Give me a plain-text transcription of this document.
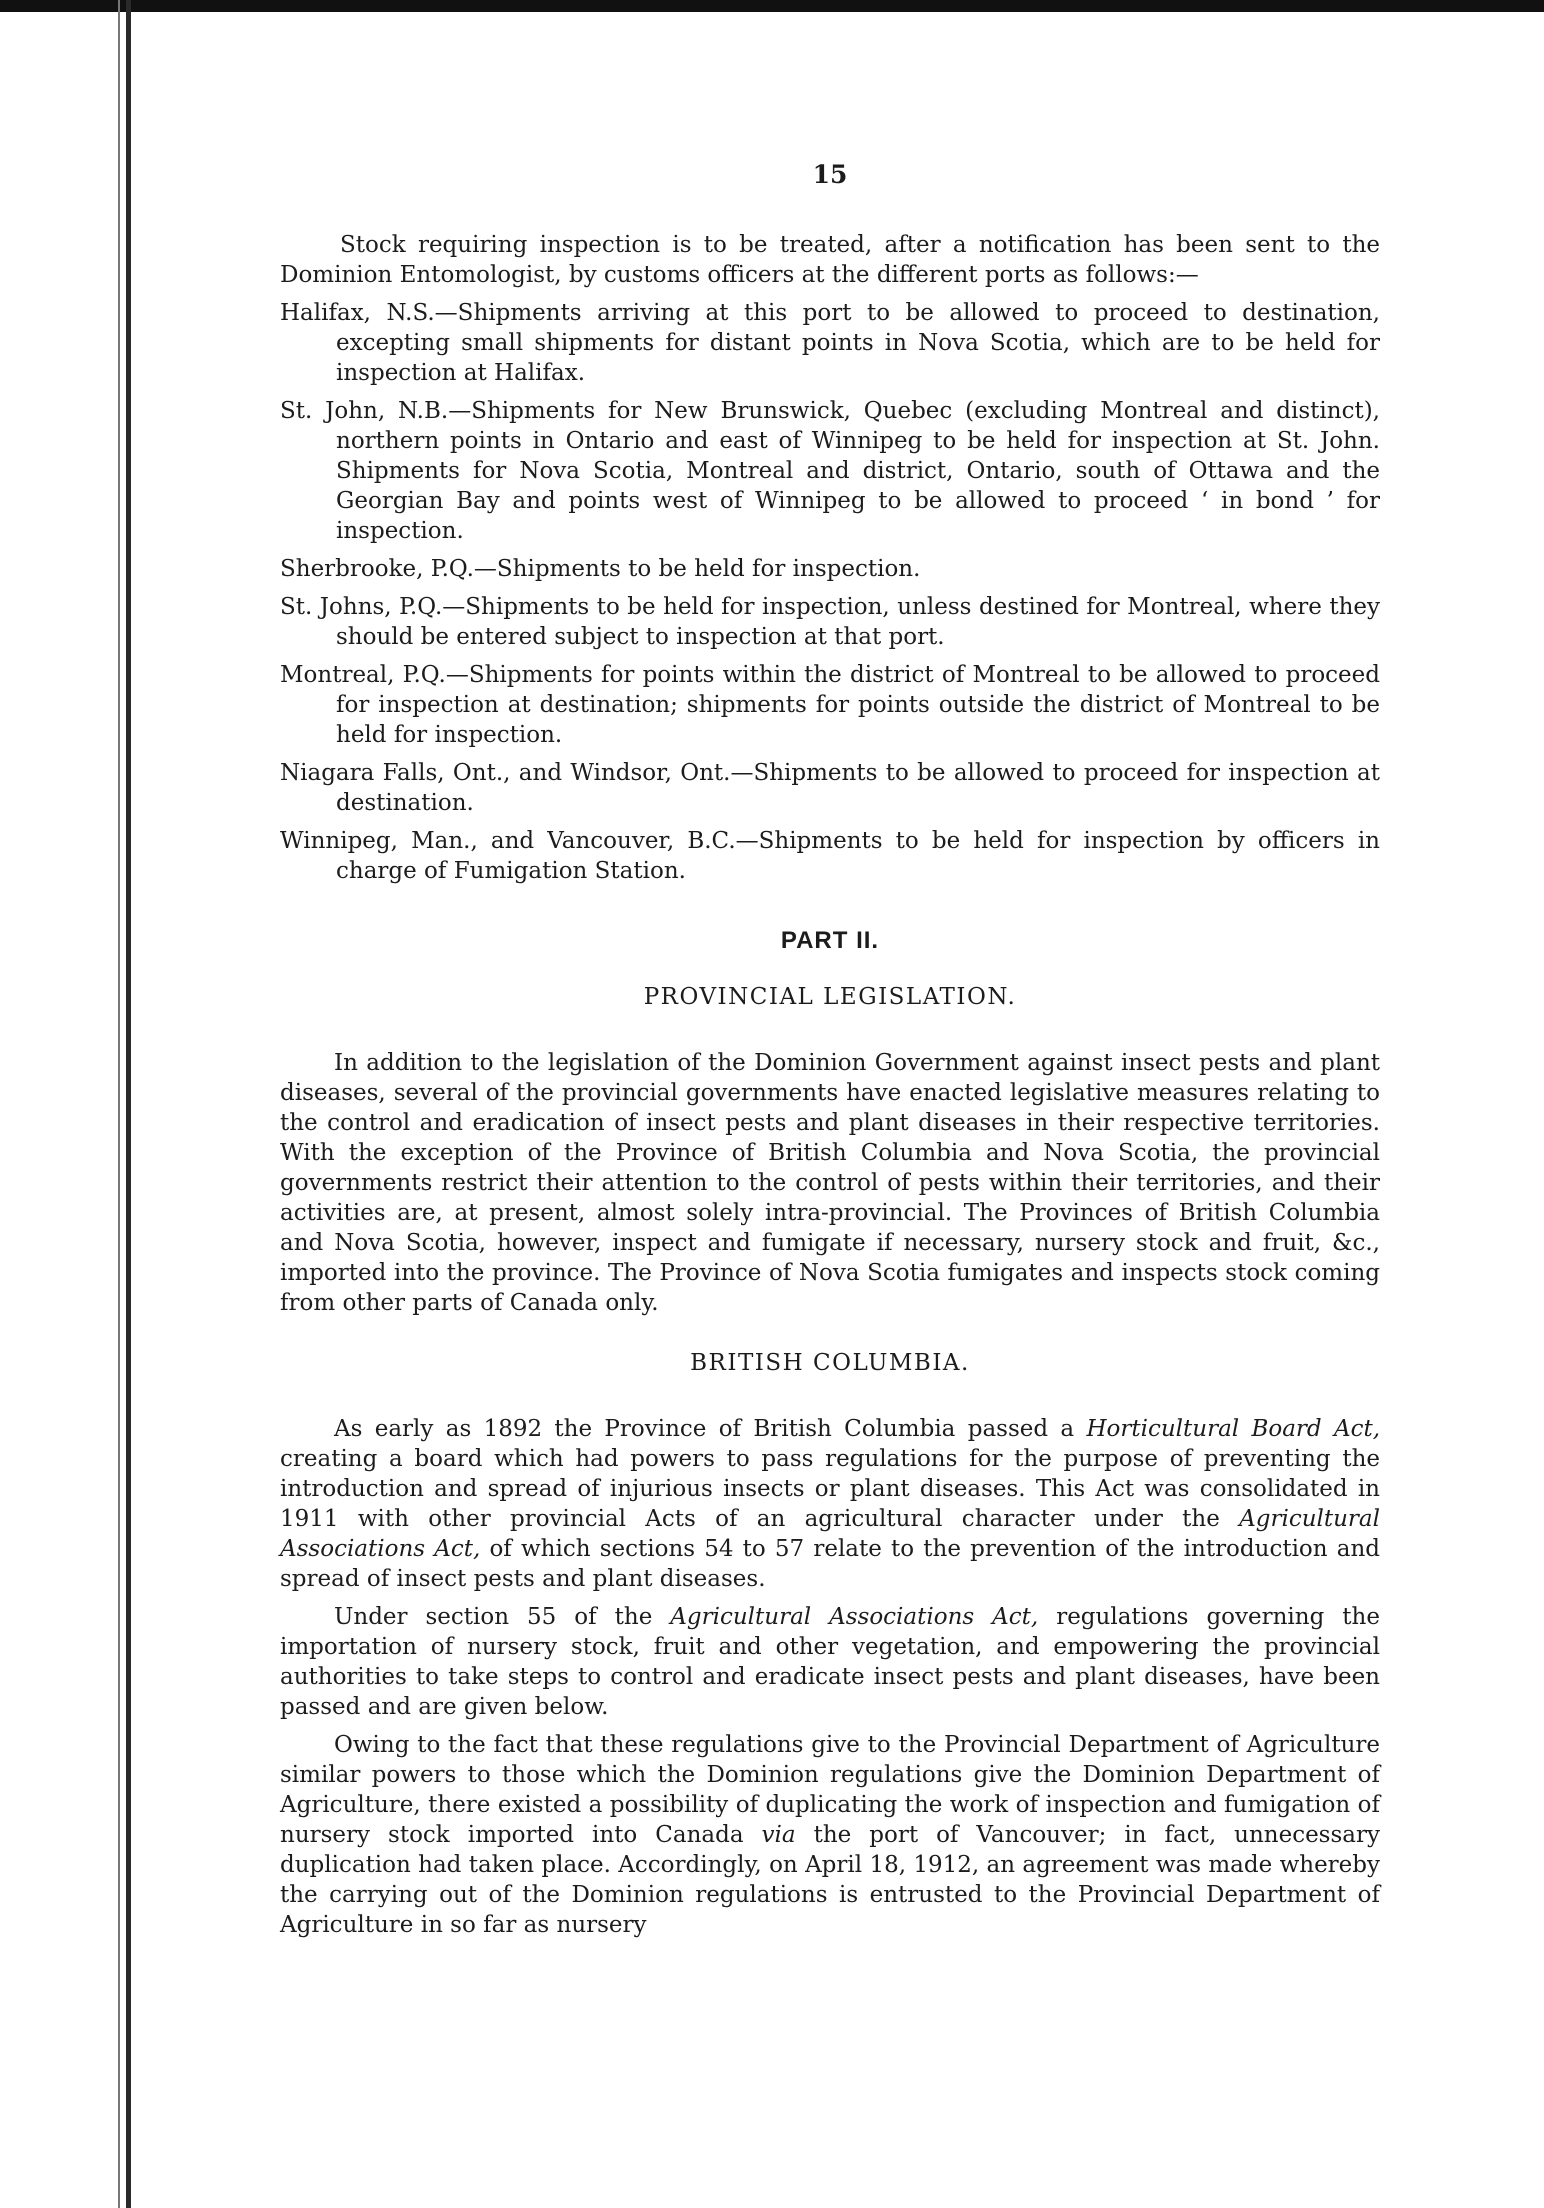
15

Stock requiring inspection is to be treated, after a notification has been sent to the Dominion Entomologist, by customs officers at the different ports as follows:—

Halifax, N.S.—Shipments arriving at this port to be allowed to proceed to destination, excepting small shipments for distant points in Nova Scotia, which are to be held for inspection at Halifax.

St. John, N.B.—Shipments for New Brunswick, Quebec (excluding Montreal and distinct), northern points in Ontario and east of Winnipeg to be held for inspection at St. John. Shipments for Nova Scotia, Montreal and district, Ontario, south of Ottawa and the Georgian Bay and points west of Winnipeg to be allowed to proceed ‘ in bond ’ for inspection.

Sherbrooke, P.Q.—Shipments to be held for inspection.

St. Johns, P.Q.—Shipments to be held for inspection, unless destined for Montreal, where they should be entered subject to inspection at that port.

Montreal, P.Q.—Shipments for points within the district of Montreal to be allowed to proceed for inspection at destination; shipments for points outside the district of Montreal to be held for inspection.

Niagara Falls, Ont., and Windsor, Ont.—Shipments to be allowed to proceed for inspection at destination.

Winnipeg, Man., and Vancouver, B.C.—Shipments to be held for inspection by officers in charge of Fumigation Station.

PART II.
PROVINCIAL LEGISLATION.

In addition to the legislation of the Dominion Government against insect pests and plant diseases, several of the provincial governments have enacted legislative measures relating to the control and eradication of insect pests and plant diseases in their respective territories. With the exception of the Province of British Columbia and Nova Scotia, the provincial governments restrict their attention to the control of pests within their territories, and their activities are, at present, almost solely intra-provincial. The Provinces of British Columbia and Nova Scotia, however, inspect and fumigate if necessary, nursery stock and fruit, &c., imported into the province. The Province of Nova Scotia fumigates and inspects stock coming from other parts of Canada only.

BRITISH COLUMBIA.

As early as 1892 the Province of British Columbia passed a Horticultural Board Act, creating a board which had powers to pass regulations for the purpose of preventing the introduction and spread of injurious insects or plant diseases. This Act was consolidated in 1911 with other provincial Acts of an agricultural character under the Agricultural Associations Act, of which sections 54 to 57 relate to the prevention of the introduction and spread of insect pests and plant diseases.

Under section 55 of the Agricultural Associations Act, regulations governing the importation of nursery stock, fruit and other vegetation, and empowering the provincial authorities to take steps to control and eradicate insect pests and plant diseases, have been passed and are given below.

Owing to the fact that these regulations give to the Provincial Department of Agriculture similar powers to those which the Dominion regulations give the Dominion Department of Agriculture, there existed a possibility of duplicating the work of inspection and fumigation of nursery stock imported into Canada via the port of Vancouver; in fact, unnecessary duplication had taken place. Accordingly, on April 18, 1912, an agreement was made whereby the carrying out of the Dominion regulations is entrusted to the Provincial Department of Agriculture in so far as nursery
